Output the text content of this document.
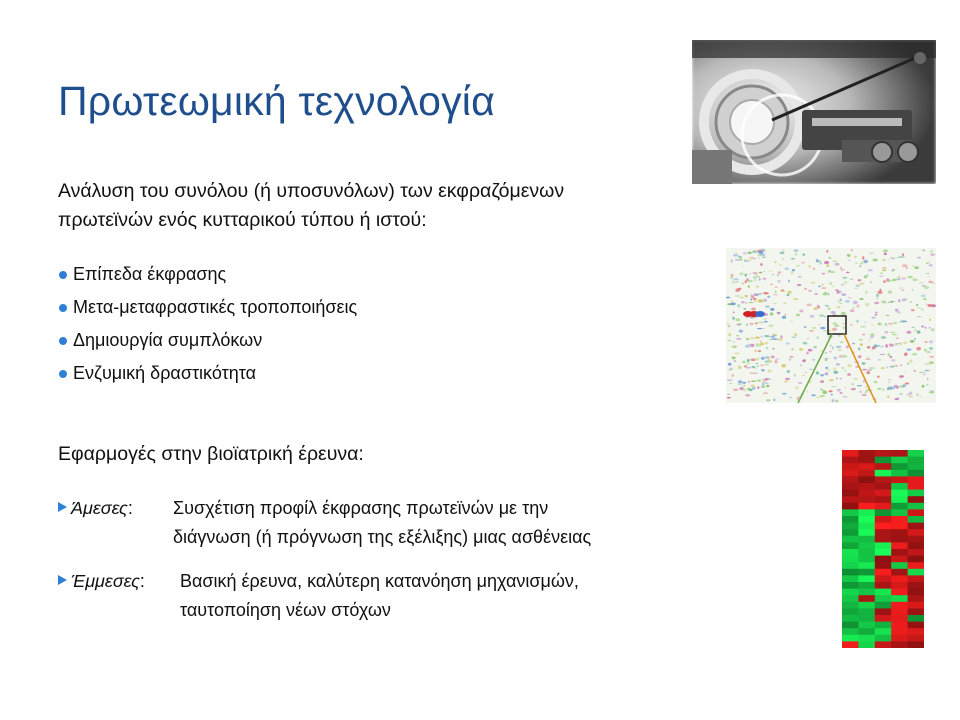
Πρωτεωμική τεχνολογία
Ανάλυση του συνόλου (ή υποσυνόλων) των εκφραζόμενων
πρωτεϊνών ενός κυτταρικού τύπου ή ιστού:
Επίπεδα έκφρασης
Μετα-μεταφραστικές τροποποιήσεις
Δημιουργία συμπλόκων
Ενζυμική δραστικότητα
Εφαρμογές στην βιοϊατρική έρευνα:
Άμεσες: Συσχέτιση προφίλ έκφρασης πρωτεϊνών με την
διάγνωση (ή πρόγνωση της εξέλιξης) μιας ασθένειας
Έμμεσες: Βασική έρευνα, καλύτερη κατανόηση μηχανισμών,
ταυτοποίηση νέων στόχων
